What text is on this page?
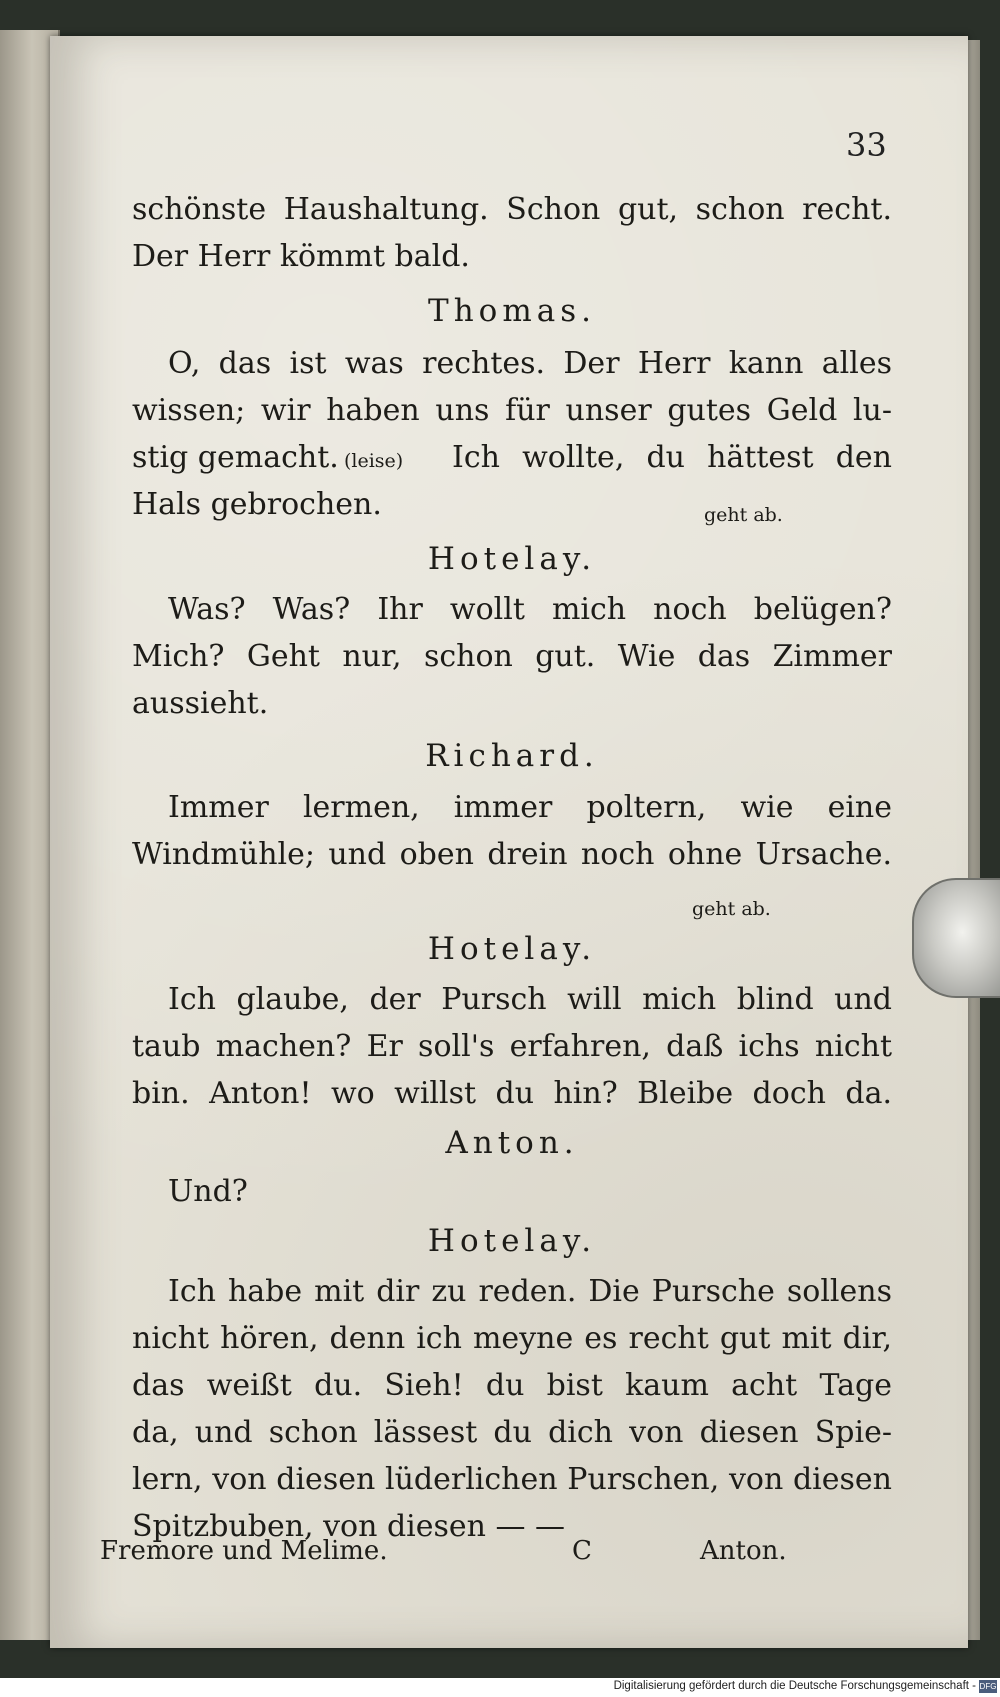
33
schönste Haushaltung. Schon gut, schon recht.
Der Herr kömmt bald.
Thomas.
O, das ist was rechtes. Der Herr kann alles
wissen; wir haben uns für unser gutes Geld lu-
stig gemacht. (leise) Ich wollte, du hättest den
Hals gebrochen.	geht ab.
Hotelay.
Was? Was? Ihr wollt mich noch belügen?
Mich? Geht nur, schon gut. Wie das Zimmer
aussieht.
Richard.
Immer lermen, immer poltern, wie eine
Windmühle; und oben drein noch ohne Ursache.
geht ab.
Hotelay.
Ich glaube, der Pursch will mich blind und
taub machen? Er soll's erfahren, daß ichs nicht
bin. Anton! wo willst du hin? Bleibe doch da.
Anton.
Und?
Hotelay.
Ich habe mit dir zu reden. Die Pursche sollens
nicht hören, denn ich meyne es recht gut mit dir,
das weißt du. Sieh! du bist kaum acht Tage
da, und schon lässest du dich von diesen Spie-
lern, von diesen lüderlichen Purschen, von diesen
Spitzbuben, von diesen — —
Fremore und Melime.	C	Anton.
Digitalisierung gefördert durch die Deutsche Forschungsgemeinschaft - DFG
